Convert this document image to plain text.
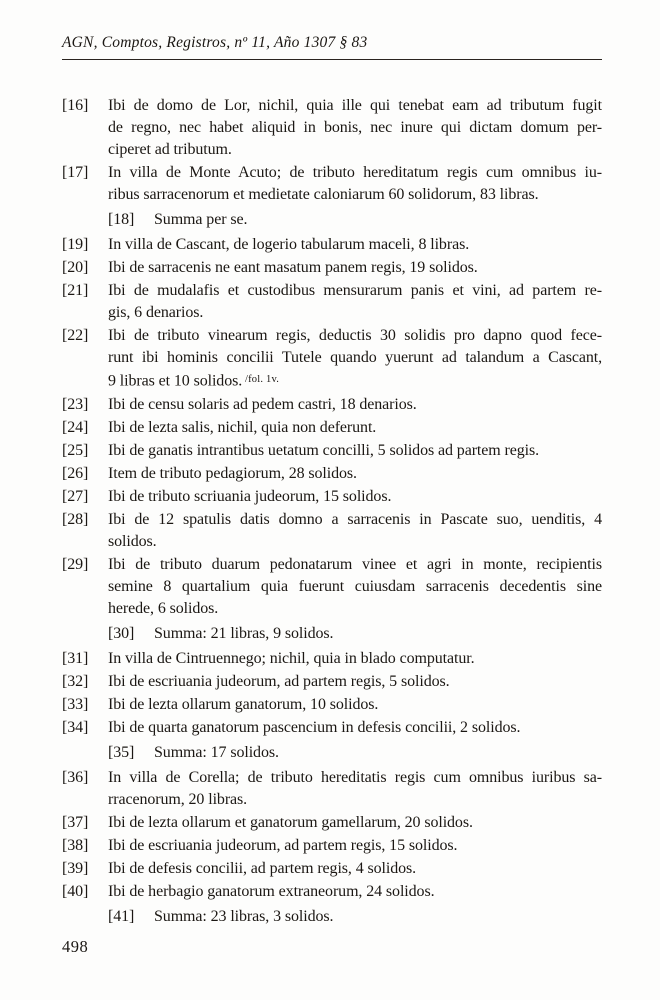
AGN, Comptos, Registros, nº 11, Año 1307 § 83
[16]	Ibi de domo de Lor, nichil, quia ille qui tenebat eam ad tributum fugit
de regno, nec habet aliquid in bonis, nec inure qui dictam domum per-
ciperet ad tributum.
[17]	In villa de Monte Acuto; de tributo hereditatum regis cum omnibus iu-
ribus sarracenorum et medietate caloniarum 60 solidorum, 83 libras.
[18]	Summa per se.
[19]	In villa de Cascant, de logerio tabularum maceli, 8 libras.
[20]	Ibi de sarracenis ne eant masatum panem regis, 19 solidos.
[21]	Ibi de mudalafis et custodibus mensurarum panis et vini, ad partem re-
gis, 6 denarios.
[22]	Ibi de tributo vinearum regis, deductis 30 solidis pro dapno quod fece-
runt ibi hominis concilii Tutele quando yuerunt ad talandum a Cascant,
9 libras et 10 solidos. $^{/fol. 1v.}$
[23]	Ibi de censu solaris ad pedem castri, 18 denarios.
[24]	Ibi de lezta salis, nichil, quia non deferunt.
[25]	Ibi de ganatis intrantibus uetatum concilli, 5 solidos ad partem regis.
[26]	Item de tributo pedagiorum, 28 solidos.
[27]	Ibi de tributo scriuania judeorum, 15 solidos.
[28]	Ibi de 12 spatulis datis domno a sarracenis in Pascate suo, uenditis, 4
solidos.
[29]	Ibi de tributo duarum pedonatarum vinee et agri in monte, recipientis
semine 8 quartalium quia fuerunt cuiusdam sarracenis decedentis sine
herede, 6 solidos.
[30]	Summa: 21 libras, 9 solidos.
[31]	In villa de Cintruennego; nichil, quia in blado computatur.
[32]	Ibi de escriuania judeorum, ad partem regis, 5 solidos.
[33]	Ibi de lezta ollarum ganatorum, 10 solidos.
[34]	Ibi de quarta ganatorum pascencium in defesis concilii, 2 solidos.
[35]	Summa: 17 solidos.
[36]	In villa de Corella; de tributo hereditatis regis cum omnibus iuribus sa-
rracenorum, 20 libras.
[37]	Ibi de lezta ollarum et ganatorum gamellarum, 20 solidos.
[38]	Ibi de escriuania judeorum, ad partem regis, 15 solidos.
[39]	Ibi de defesis concilii, ad partem regis, 4 solidos.
[40]	Ibi de herbagio ganatorum extraneorum, 24 solidos.
[41]	Summa: 23 libras, 3 solidos.
498
